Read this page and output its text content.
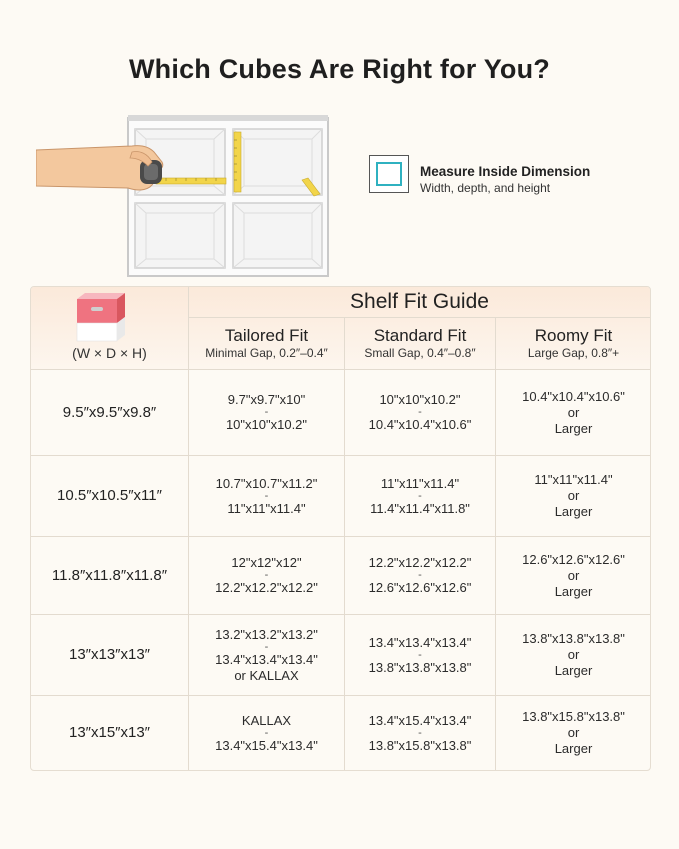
Which Cubes Are Right for You?
Measure Inside Dimension
Width, depth, and height
(W × D × H)
Shelf Fit Guide
Tailored Fit
Minimal Gap, 0.2″–0.4″
Standard Fit
Small Gap, 0.4″–0.8″
Roomy Fit
Large Gap, 0.8″+
9.5″x9.5″x9.8″
9.7"x9.7"x10"
-
10"x10"x10.2"
10"x10"x10.2"
-
10.4"x10.4"x10.6"
10.4"x10.4"x10.6"
or
Larger
10.5″x10.5″x11″
10.7"x10.7"x11.2"
-
11"x11"x11.4"
11"x11"x11.4"
-
11.4"x11.4"x11.8"
11"x11"x11.4"
or
Larger
11.8″x11.8″x11.8″
12"x12"x12"
-
12.2"x12.2"x12.2"
12.2"x12.2"x12.2"
-
12.6"x12.6"x12.6"
12.6"x12.6"x12.6"
or
Larger
13″x13″x13″
13.2"x13.2"x13.2"
-
13.4"x13.4"x13.4"
or KALLAX
13.4"x13.4"x13.4"
-
13.8"x13.8"x13.8"
13.8"x13.8"x13.8"
or
Larger
13″x15″x13″
KALLAX
-
13.4"x15.4"x13.4"
13.4"x15.4"x13.4"
-
13.8"x15.8"x13.8"
13.8"x15.8"x13.8"
or
Larger
